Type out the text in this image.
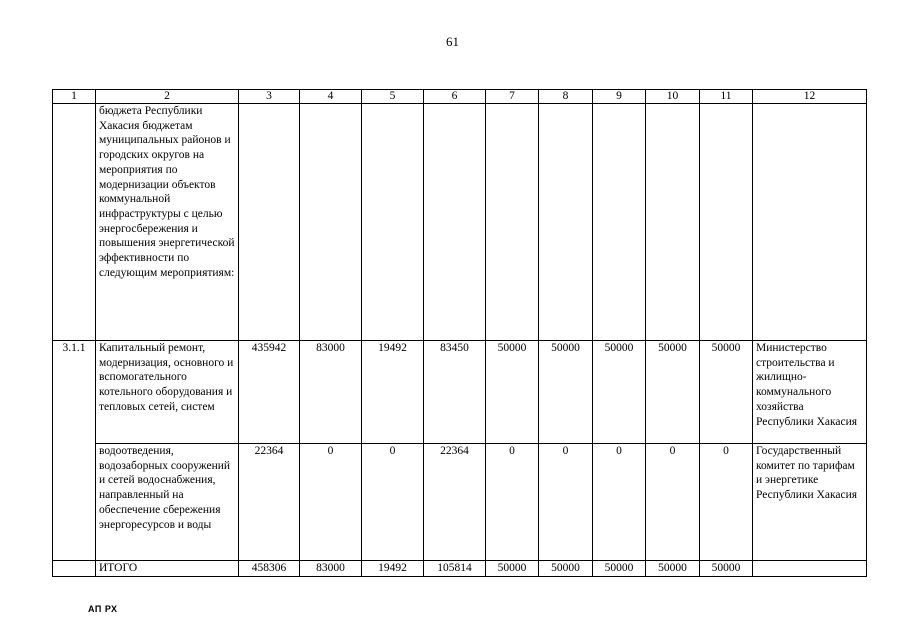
61
1	2	3	4	5	6	7	8	9	10	11	12
	бюджета Республики Хакасия бюджетам муниципальных районов и городских округов на мероприятия по модернизации объектов коммунальной инфраструктуры с целью энергосбережения и повышения энергетической эффективности по следующим мероприятиям:										
3.1.1	Капитальный ремонт, модернизация, основного и вспомогательного котельного оборудования и тепловых сетей, систем	435942	83000	19492	83450	50000	50000	50000	50000	50000	Министерство строительства и жилищно-коммунального хозяйства Республики Хакасия
	водоотведения, водозаборных сооружений и сетей водоснабжения, направленный на обеспечение сбережения энергоресурсов и воды	22364	0	0	22364	0	0	0	0	0	Государственный комитет по тарифам и энергетике Республики Хакасия
	ИТОГО	458306	83000	19492	105814	50000	50000	50000	50000	50000	
АП РХ
